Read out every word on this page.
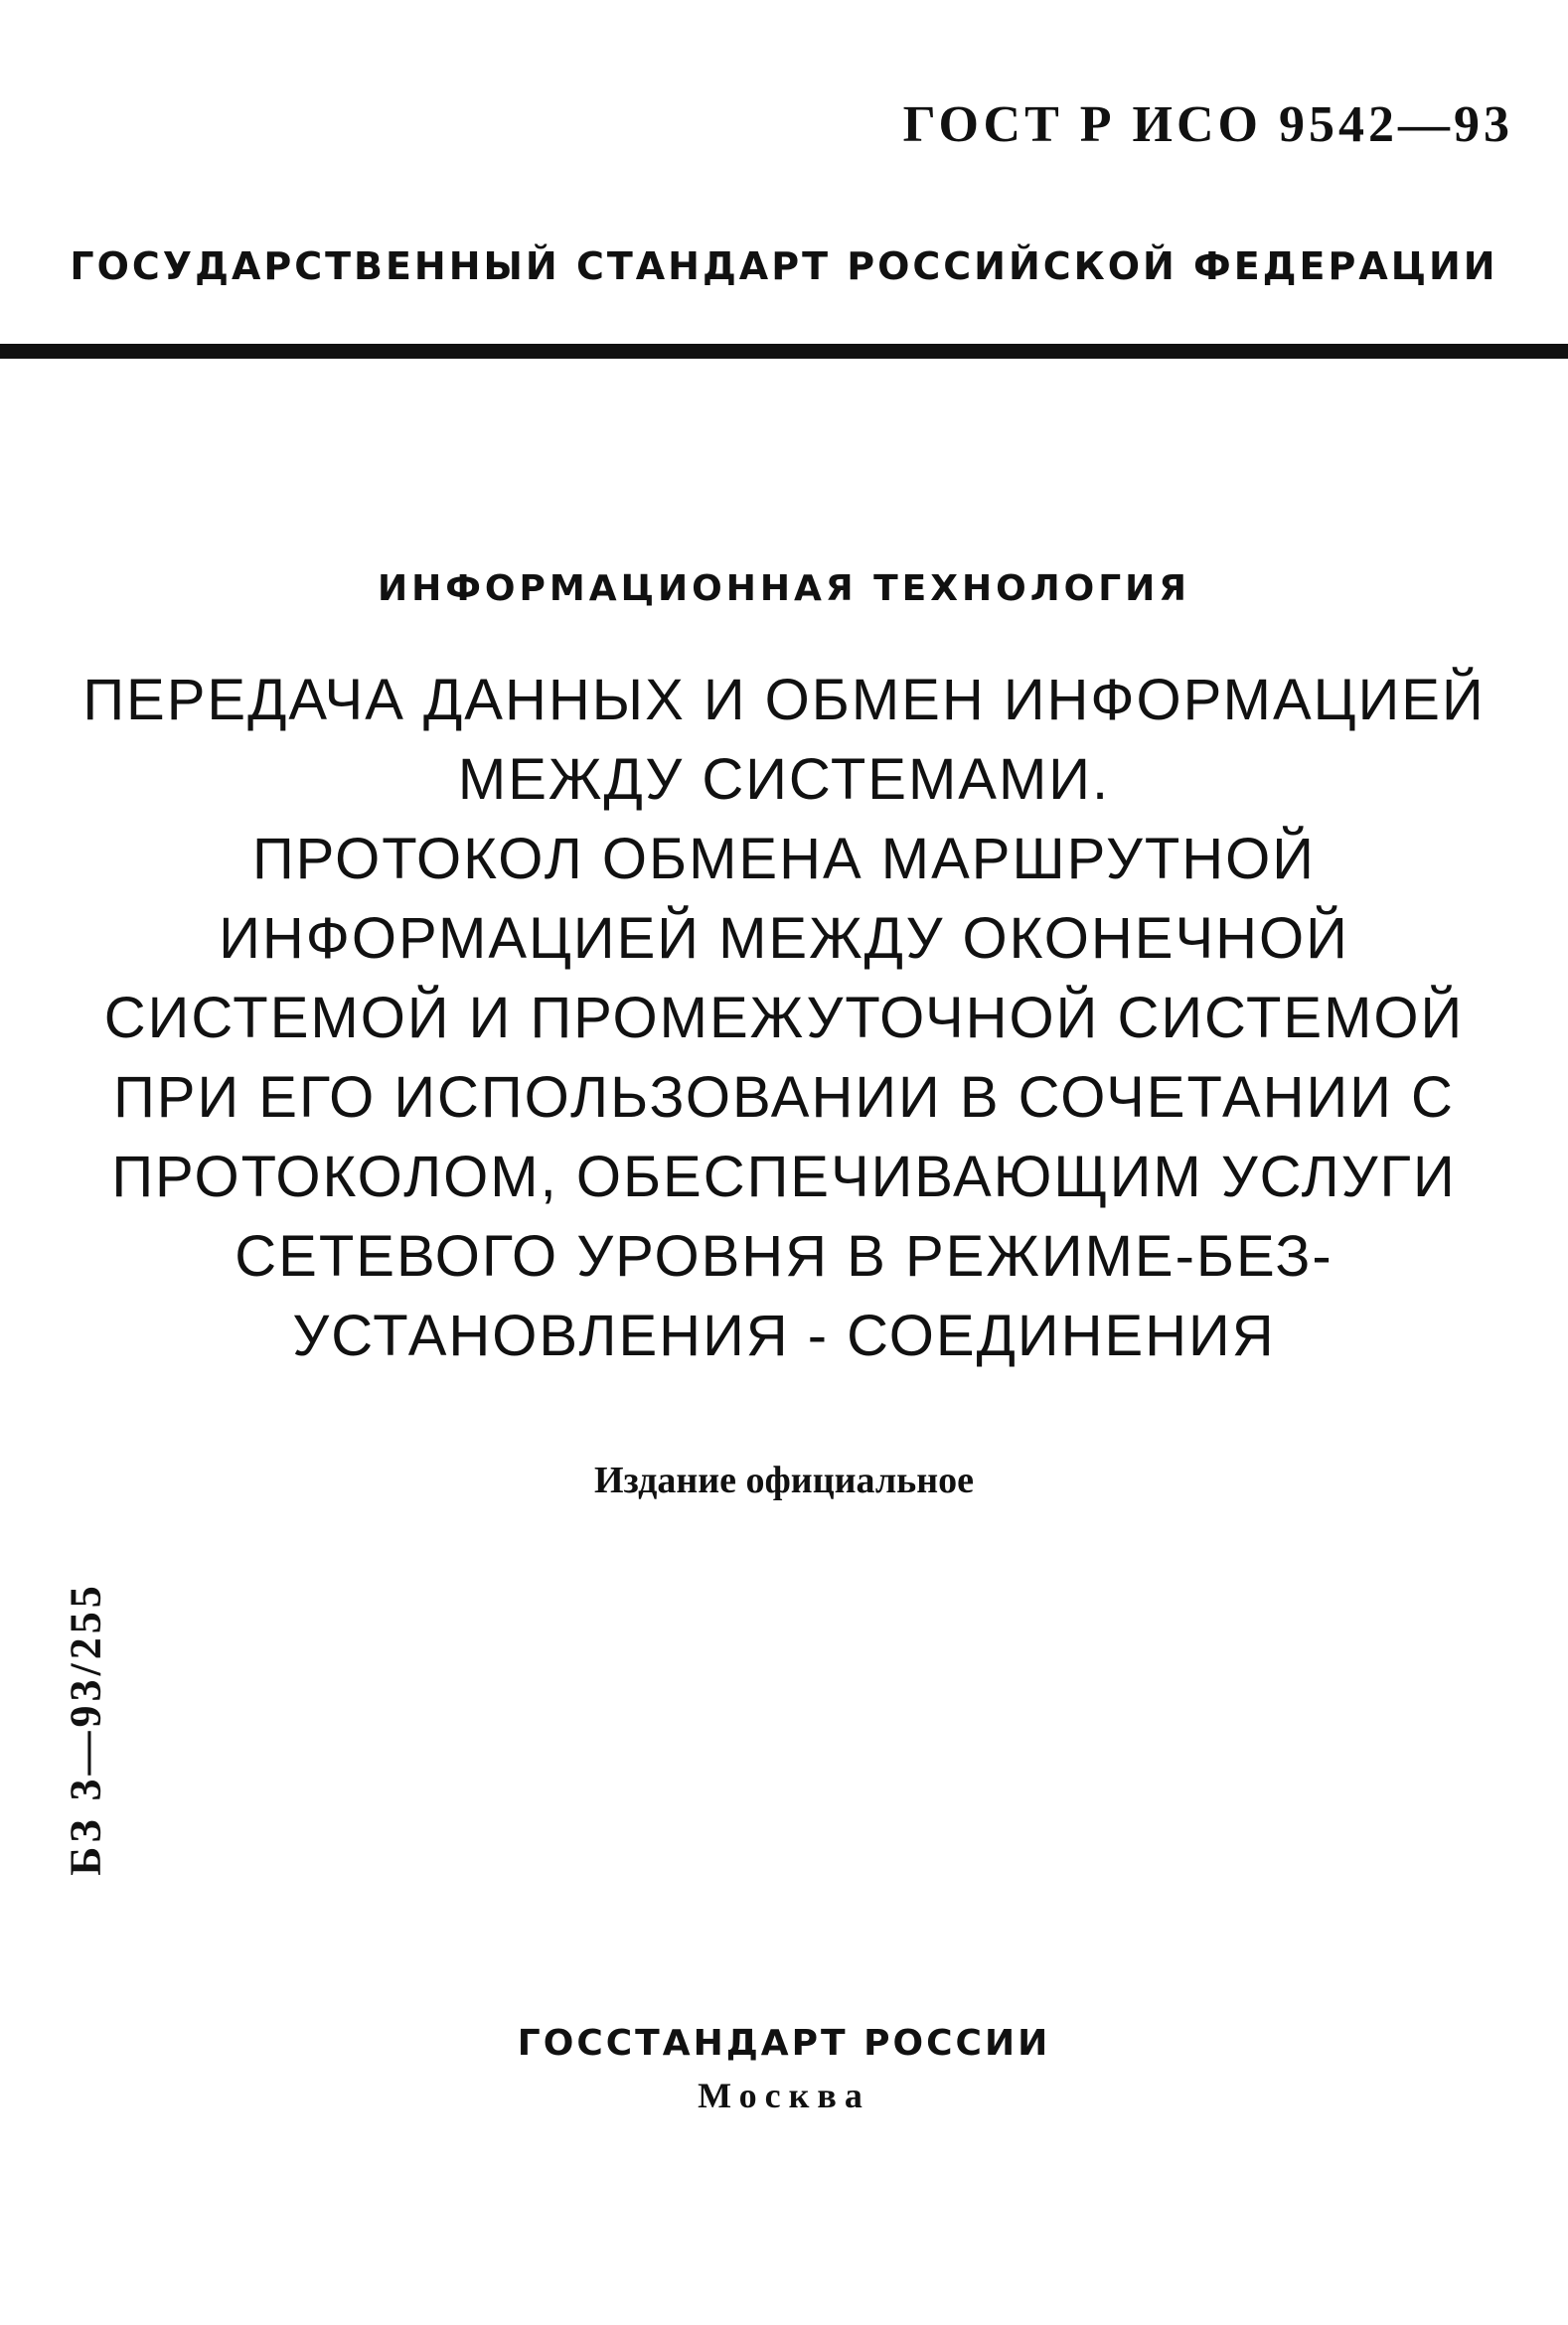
ГОСТ Р ИСО 9542—93
ГОСУДАРСТВЕННЫЙ СТАНДАРТ РОССИЙСКОЙ ФЕДЕРАЦИИ
ИНФОРМАЦИОННАЯ ТЕХНОЛОГИЯ
ПЕРЕДАЧА ДАННЫХ И ОБМЕН ИНФОРМАЦИЕЙ
МЕЖДУ СИСТЕМАМИ.
ПРОТОКОЛ ОБМЕНА МАРШРУТНОЙ
ИНФОРМАЦИЕЙ МЕЖДУ ОКОНЕЧНОЙ
СИСТЕМОЙ И ПРОМЕЖУТОЧНОЙ СИСТЕМОЙ
ПРИ ЕГО ИСПОЛЬЗОВАНИИ В СОЧЕТАНИИ С
ПРОТОКОЛОМ, ОБЕСПЕЧИВАЮЩИМ УСЛУГИ
СЕТЕВОГО УРОВНЯ В РЕЖИМЕ-БЕЗ-
УСТАНОВЛЕНИЯ - СОЕДИНЕНИЯ
Издание официальное
БЗ 3—93/255
ГОССТАНДАРТ РОССИИ
Москва
